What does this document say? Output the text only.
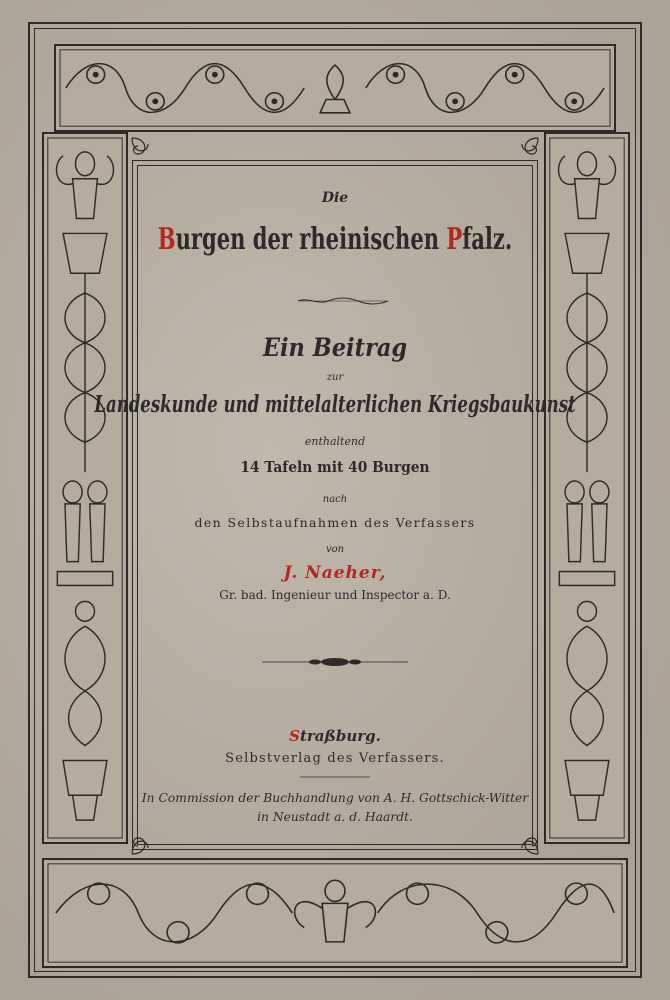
Die
Burgen der rheinischen Pfalz.
Ein Beitrag
zur
Landeskunde und mittelalterlichen Kriegsbaukunst
enthaltend
14 Tafeln mit 40 Burgen
nach
den Selbstaufnahmen des Verfassers
von
J. Naeher,
Gr. bad. Ingenieur und Inspector a. D.
Straßburg.
Selbstverlag des Verfassers.
In Commission der Buchhandlung von A. H. Gottschick-Witter
in Neustadt a. d. Haardt.
